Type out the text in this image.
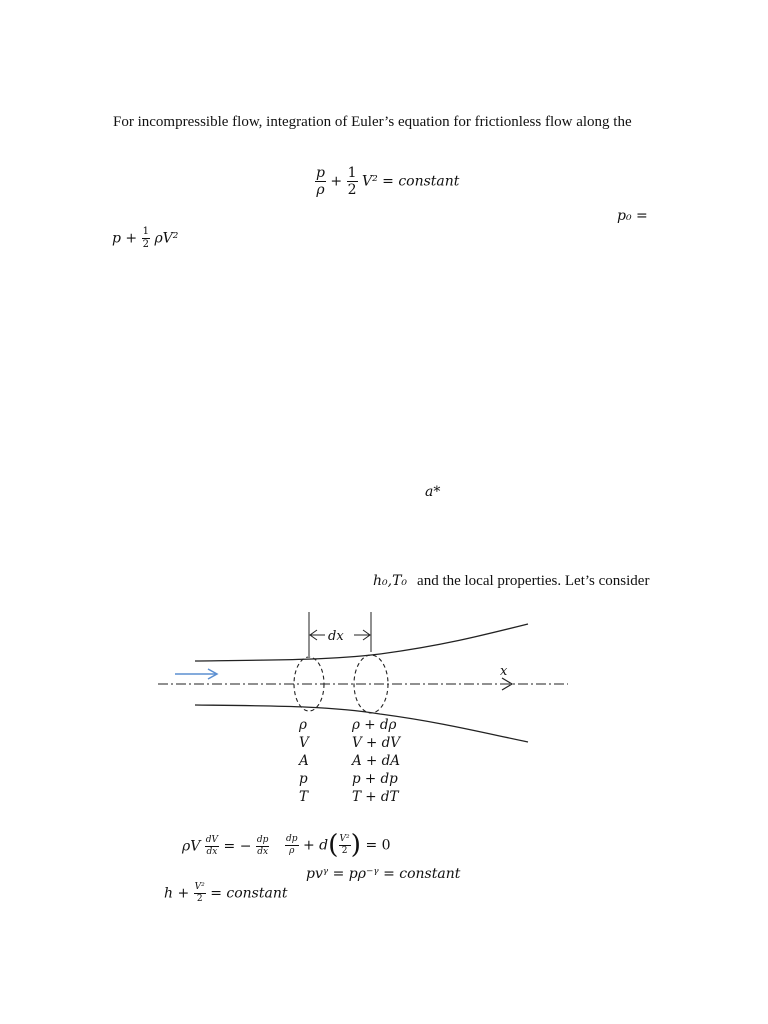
For incompressible flow, integration of Euler’s equation for frictionless flow along the
$\frac{p}{\rho} + \frac{1}{2} V^2$ = constant
p₀ =
$p + \frac{1}{2} \rho V^2$
a*
h₀,T₀ and the local properties. Let’s consider
dx
x
ρ
V
A
p
T
ρ + dρ
V + dV
A + dA
p + dp
T + dT
ρV $\frac{dV}{dx}$ = − $\frac{dp}{dx} \frac{dp}{\rho} + d( \frac{\text{V²}}{2}$ ) = 0
pvᵞ = pρ⁻ᵞ = constant
$h + \frac{\text{V²}}{2}$ = constant
